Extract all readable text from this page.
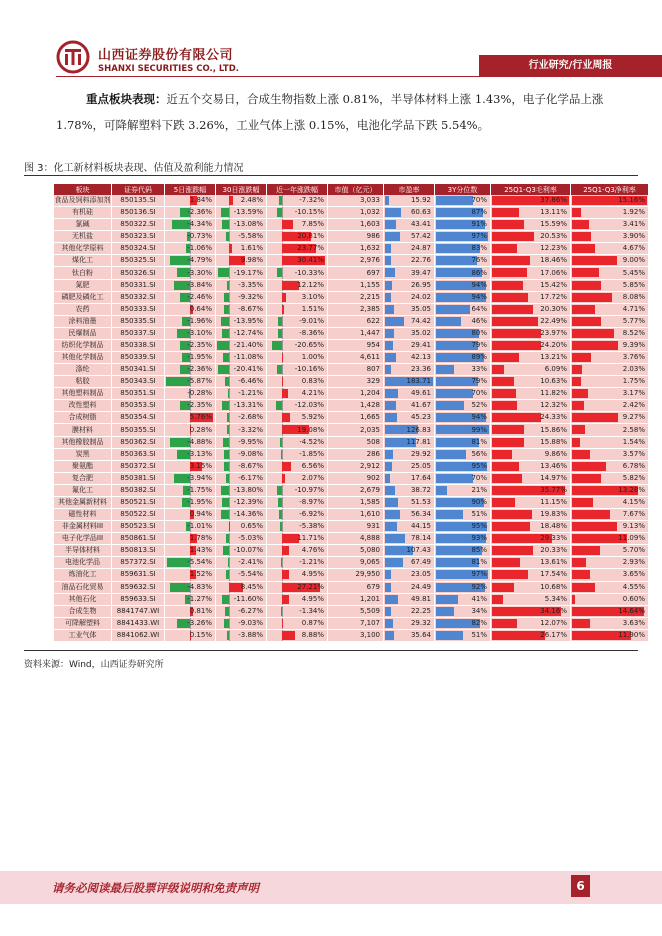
山西证券股份有限公司
SHANXI SECURITIES CO., LTD.	行业研究/行业周报

重点板块表现：近五个交易日，合成生物指数上涨 0.81%，半导体材料上涨 1.43%，电子化学品上涨 1.78%，可降解塑料下跌 3.26%，工业气体上涨 0.15%，电池化学品下跌 5.54%。

图 3：化工新材料板块表现、估值及盈利能力情况
板块	证券代码	5日涨跌幅	30日涨跌幅	近一年涨跌幅	市值（亿元）	市盈率	3Y分位数	25Q1-Q3毛利率	25Q1-Q3净利率
食品及饲料添加剂	850135.SI	1.84%	2.48%	-7.32%	3,033	15.92	70%	37.86%	15.16%
有机硅	850136.SI	-2.36%	-13.59%	-10.15%	1,032	60.63	87%	13.11%	1.92%
氯碱	850322.SI	-4.34%	-13.08%	7.85%	1,603	43.41	91%	15.59%	3.41%
无机盐	850323.SI	-0.73%	-5.58%	20.81%	986	57.42	97%	20.53%	3.90%
其他化学原料	850324.SI	-1.06%	1.61%	23.77%	1,632	24.87	83%	12.23%	4.67%
煤化工	850325.SI	-4.79%	9.98%	30.41%	2,976	22.76	76%	18.46%	9.00%
钛白粉	850326.SI	-3.30%	-19.17%	-10.33%	697	39.47	86%	17.06%	5.45%
氮肥	850331.SI	-3.84%	-3.35%	12.12%	1,155	26.95	94%	15.42%	5.85%
磷肥及磷化工	850332.SI	-2.46%	-9.32%	3.10%	2,215	24.02	94%	17.72%	8.08%
农药	850333.SI	0.64%	-8.67%	1.51%	2,385	35.05	64%	20.30%	4.71%
涂料油墨	850335.SI	-1.96%	-13.95%	-9.01%	622	74.42	46%	22.49%	5.77%
民爆制品	850337.SI	-3.10%	-12.74%	-8.36%	1,447	35.02	80%	23.97%	8.52%
纺织化学制品	850338.SI	-2.35%	-21.40%	-20.65%	954	29.41	79%	24.20%	9.39%
其他化学制品	850339.SI	-1.95%	-11.08%	1.00%	4,611	42.13	89%	13.21%	3.76%
涤纶	850341.SI	-2.36%	-20.41%	-10.16%	807	23.36	33%	6.09%	2.03%
粘胶	850343.SI	-5.87%	-6.46%	0.83%	329	183.71	79%	10.63%	1.75%
其他塑料制品	850351.SI	-0.28%	-1.21%	4.21%	1,204	49.61	70%	11.82%	3.17%
改性塑料	850353.SI	-2.35%	-13.31%	-12.03%	1,428	41.67	52%	12.32%	2.42%
合成树脂	850354.SI	5.76%	-2.68%	5.92%	1,665	45.23	94%	24.33%	9.27%
膜材料	850355.SI	0.28%	-3.32%	19.08%	2,035	126.83	99%	15.86%	2.58%
其他橡胶制品	850362.SI	-4.88%	-9.95%	-4.52%	508	117.81	81%	15.88%	1.54%
炭黑	850363.SI	-3.13%	-9.08%	-1.85%	286	29.92	56%	9.86%	3.57%
聚氨酯	850372.SI	3.15%	-8.67%	6.56%	2,912	25.05	95%	13.46%	6.78%
复合肥	850381.SI	-3.94%	-6.17%	2.07%	902	17.64	70%	14.97%	5.82%
氟化工	850382.SI	-1.75%	-13.80%	-10.97%	2,679	38.72	21%	35.77%	13.28%
其他金属新材料	850521.SI	-1.95%	-12.39%	-8.97%	1,585	51.53	90%	11.15%	4.15%
磁性材料	850522.SI	0.94%	-14.36%	-6.92%	1,610	56.34	51%	19.83%	7.67%
非金属材料III	850523.SI	-1.01%	0.65%	-5.38%	931	44.15	95%	18.48%	9.13%
电子化学品III	850861.SI	1.78%	-5.03%	11.71%	4,888	78.14	93%	29.33%	11.09%
半导体材料	850813.SI	1.43%	-10.07%	4.76%	5,080	107.43	85%	20.33%	5.70%
电池化学品	857372.SI	-5.54%	-2.41%	-1.21%	9,065	67.49	81%	13.61%	2.93%
炼油化工	859631.SI	1.52%	-5.54%	4.95%	29,950	23.05	97%	17.54%	3.65%
油品石化贸易	859632.SI	-4.83%	8.45%	27.21%	679	24.49	92%	10.68%	4.55%
其他石化	859633.SI	-1.27%	-11.60%	4.95%	1,201	49.81	41%	5.34%	0.60%
合成生物	8841747.WI	0.81%	-6.27%	-1.34%	5,509	22.25	34%	34.16%	14.64%
可降解塑料	8841433.WI	-3.26%	-9.03%	0.87%	7,107	29.32	82%	12.07%	3.63%
工业气体	8841062.WI	0.15%	-3.88%	8.88%	3,100	35.64	51%	26.17%	11.90%
资料来源：Wind，山西证券研究所
请务必阅读最后股票评级说明和免责声明	6
